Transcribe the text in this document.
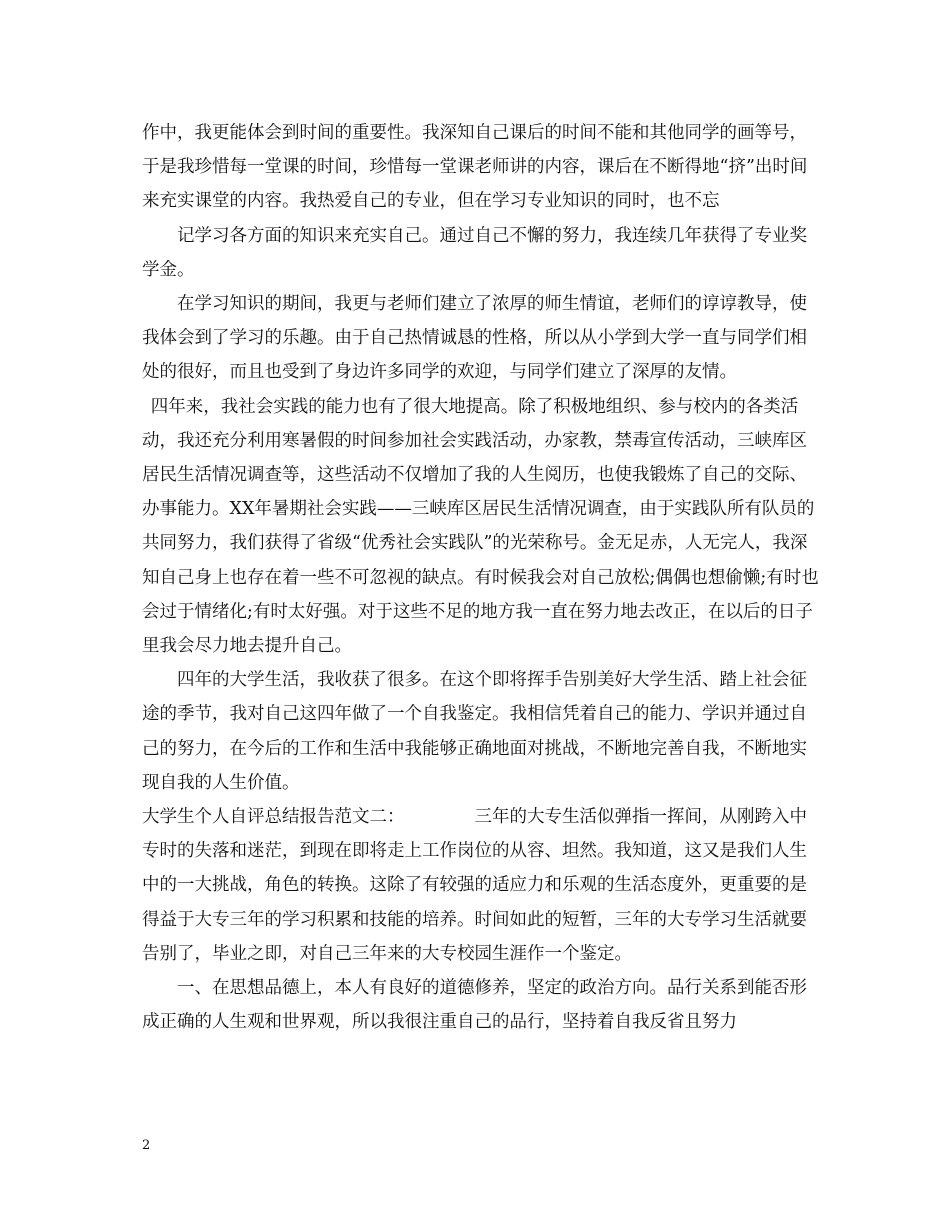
作中，我更能体会到时间的重要性。我深知自己课后的时间不能和其他同学的画等号，于是我珍惜每一堂课的时间，珍惜每一堂课老师讲的内容，课后在不断得地“挤”出时间来充实课堂的内容。我热爱自己的专业，但在学习专业知识的同时，也不忘

记学习各方面的知识来充实自己。通过自己不懈的努力，我连续几年获得了专业奖学金。

在学习知识的期间，我更与老师们建立了浓厚的师生情谊，老师们的谆谆教导，使我体会到了学习的乐趣。由于自己热情诚恳的性格，所以从小学到大学一直与同学们相处的很好，而且也受到了身边许多同学的欢迎，与同学们建立了深厚的友情。

四年来，我社会实践的能力也有了很大地提高。除了积极地组织、参与校内的各类活动，我还充分利用寒暑假的时间参加社会实践活动，办家教，禁毒宣传活动，三峡库区居民生活情况调查等，这些活动不仅增加了我的人生阅历，也使我锻炼了自己的交际、办事能力。XX年暑期社会实践——三峡库区居民生活情况调查，由于实践队所有队员的共同努力，我们获得了省级“优秀社会实践队”的光荣称号。金无足赤，人无完人，我深知自己身上也存在着一些不可忽视的缺点。有时候我会对自己放松;偶偶也想偷懒;有时也会过于情绪化;有时太好强。对于这些不足的地方我一直在努力地去改正，在以后的日子里我会尽力地去提升自己。

四年的大学生活，我收获了很多。在这个即将挥手告别美好大学生活、踏上社会征途的季节，我对自己这四年做了一个自我鉴定。我相信凭着自己的能力、学识并通过自己的努力，在今后的工作和生活中我能够正确地面对挑战，不断地完善自我，不断地实现自我的人生价值。

大学生个人自评总结报告范文二：	三年的大专生活似弹指一挥间，从刚跨入中专时的失落和迷茫，到现在即将走上工作岗位的从容、坦然。我知道，这又是我们人生中的一大挑战，角色的转换。这除了有较强的适应力和乐观的生活态度外，更重要的是得益于大专三年的学习积累和技能的培养。时间如此的短暂，三年的大专学习生活就要告别了，毕业之即，对自己三年来的大专校园生涯作一个鉴定。

一、在思想品德上，本人有良好的道德修养，坚定的政治方向。品行关系到能否形成正确的人生观和世界观，所以我很注重自己的品行，坚持着自我反省且努力

2
